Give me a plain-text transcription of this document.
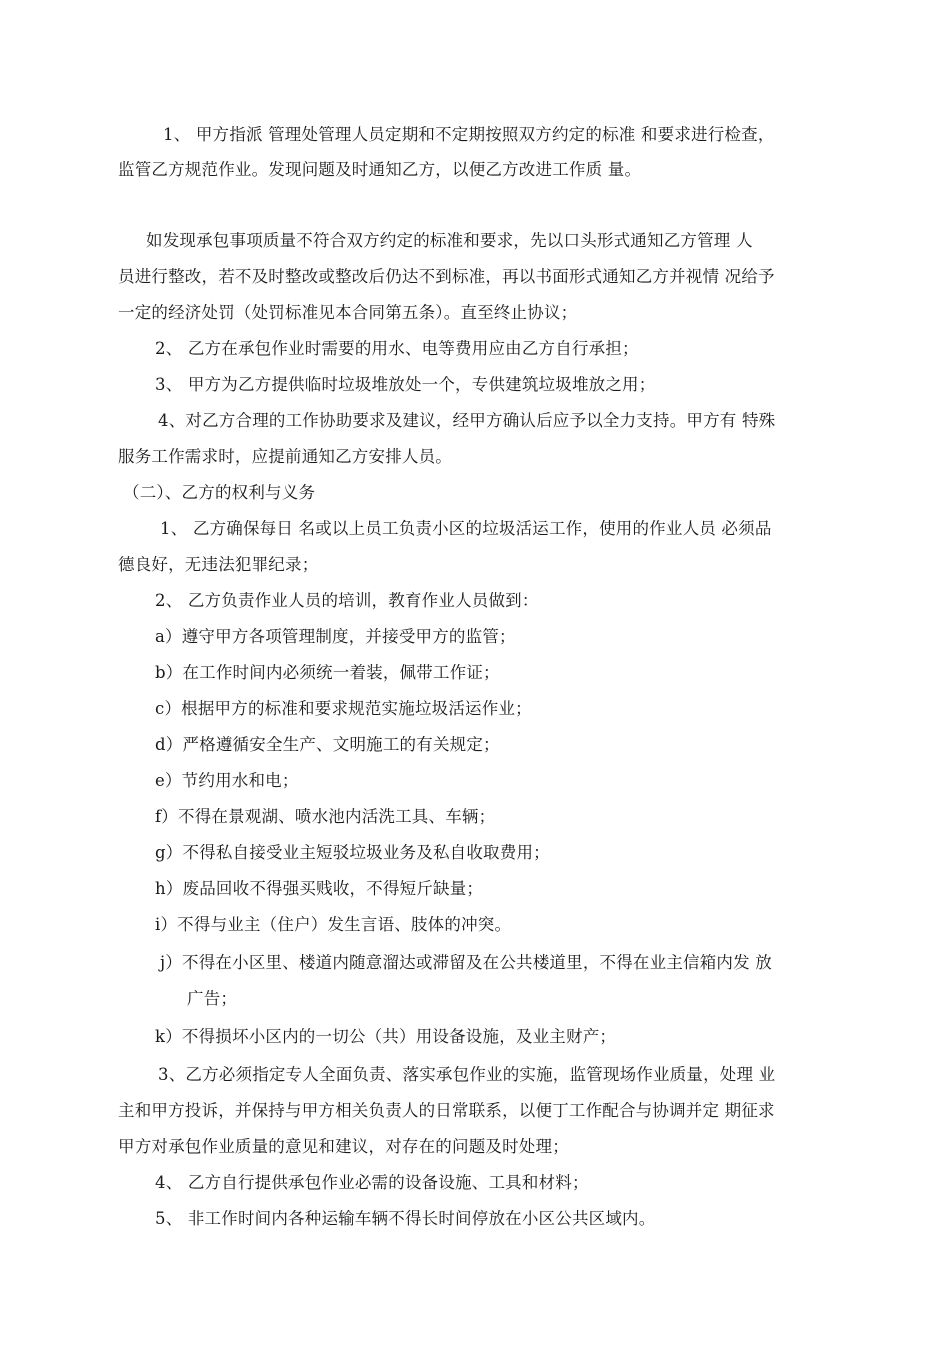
1、 甲方指派 管理处管理人员定期和不定期按照双方约定的标准 和要求进行检查，
监管乙方规范作业。发现问题及时通知乙方，以便乙方改进工作质 量。
如发现承包事项质量不符合双方约定的标准和要求，先以口头形式通知乙方管理 人
员进行整改，若不及时整改或整改后仍达不到标准，再以书面形式通知乙方并视情 况给予
一定的经济处罚（处罚标准见本合同第五条）。直至终止协议；
2、 乙方在承包作业时需要的用水、电等费用应由乙方自行承担；
3、 甲方为乙方提供临时垃圾堆放处一个，专供建筑垃圾堆放之用；
4、对乙方合理的工作协助要求及建议，经甲方确认后应予以全力支持。甲方有 特殊
服务工作需求时，应提前通知乙方安排人员。
（二）、乙方的权利与义务
1、 乙方确保每日 名或以上员工负责小区的垃圾活运工作，使用的作业人员 必须品
德良好，无违法犯罪纪录；
2、 乙方负责作业人员的培训，教育作业人员做到：
a）遵守甲方各项管理制度，并接受甲方的监管；
b）在工作时间内必须统一着装，佩带工作证；
c）根据甲方的标准和要求规范实施垃圾活运作业；
d）严格遵循安全生产、文明施工的有关规定；
e）节约用水和电；
f）不得在景观湖、喷水池内活洗工具、车辆；
g）不得私自接受业主短驳垃圾业务及私自收取费用；
h）废品回收不得强买贱收，不得短斤缺量；
i）不得与业主（住户）发生言语、肢体的冲突。
j）不得在小区里、楼道内随意溜达或滞留及在公共楼道里，不得在业主信箱内发 放
广告；
k）不得损坏小区内的一切公（共）用设备设施，及业主财产；
3、乙方必须指定专人全面负责、落实承包作业的实施，监管现场作业质量，处理 业
主和甲方投诉，并保持与甲方相关负责人的日常联系，以便丁工作配合与协调并定 期征求
甲方对承包作业质量的意见和建议，对存在的问题及时处理；
4、 乙方自行提供承包作业必需的设备设施、工具和材料；
5、 非工作时间内各种运输车辆不得长时间停放在小区公共区域内。
